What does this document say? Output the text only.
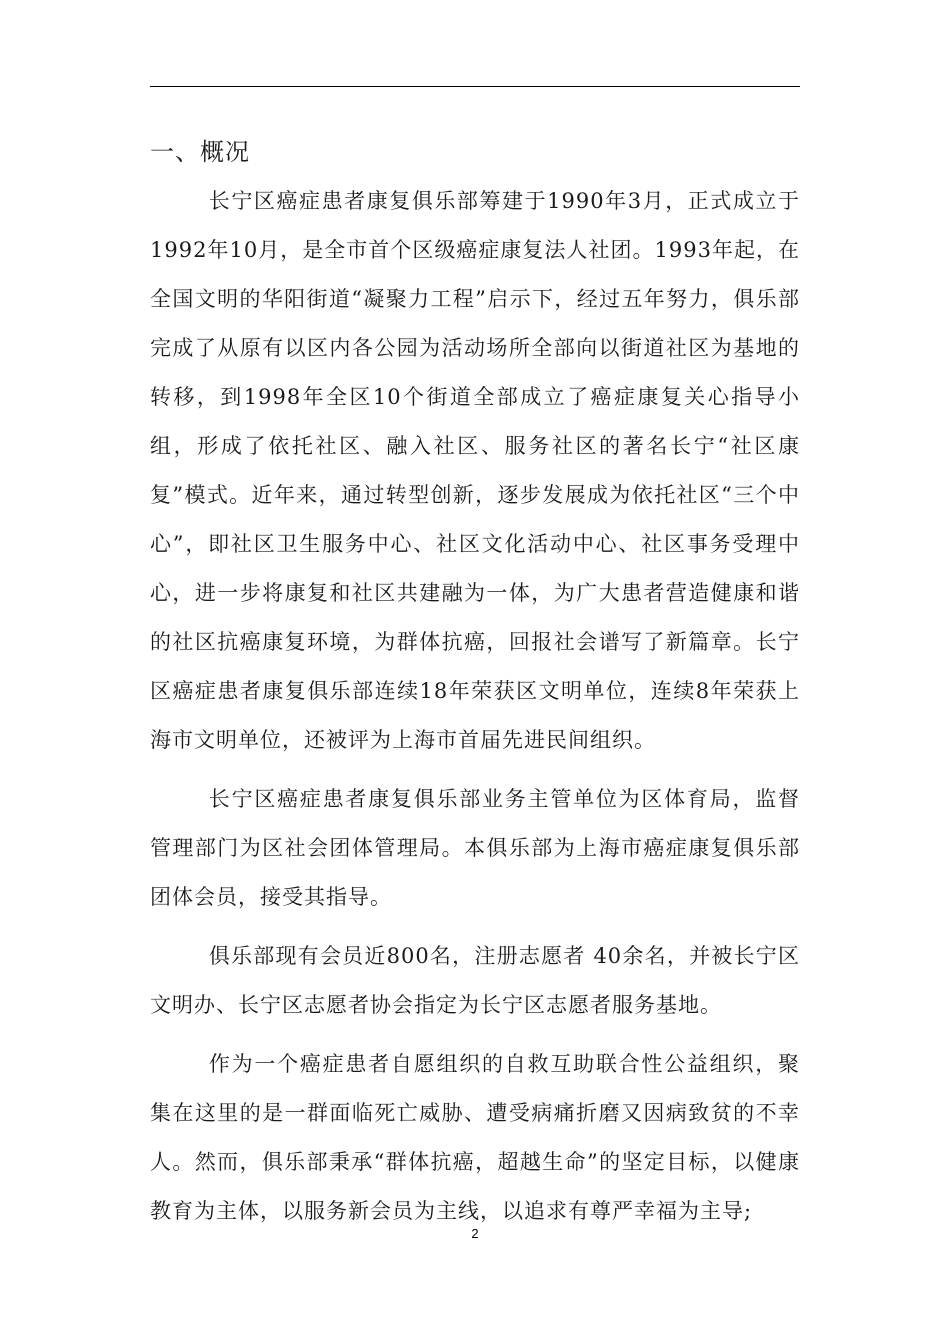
一、概况

长宁区癌症患者康复俱乐部筹建于1990年3月，正式成立于1992年10月，是全市首个区级癌症康复法人社团。1993年起，在全国文明的华阳街道“凝聚力工程”启示下，经过五年努力，俱乐部完成了从原有以区内各公园为活动场所全部向以街道社区为基地的转移，到1998年全区10个街道全部成立了癌症康复关心指导小组，形成了依托社区、融入社区、服务社区的著名长宁“社区康复”模式。近年来，通过转型创新，逐步发展成为依托社区“三个中心”，即社区卫生服务中心、社区文化活动中心、社区事务受理中心，进一步将康复和社区共建融为一体，为广大患者营造健康和谐的社区抗癌康复环境，为群体抗癌，回报社会谱写了新篇章。长宁区癌症患者康复俱乐部连续18年荣获区文明单位，连续8年荣获上海市文明单位，还被评为上海市首届先进民间组织。

长宁区癌症患者康复俱乐部业务主管单位为区体育局，监督管理部门为区社会团体管理局。本俱乐部为上海市癌症康复俱乐部团体会员，接受其指导。

俱乐部现有会员近800名，注册志愿者 40余名，并被长宁区文明办、长宁区志愿者协会指定为长宁区志愿者服务基地。

作为一个癌症患者自愿组织的自救互助联合性公益组织，聚集在这里的是一群面临死亡威胁、遭受病痛折磨又因病致贫的不幸人。然而，俱乐部秉承“群体抗癌，超越生命”的坚定目标，以健康教育为主体，以服务新会员为主线，以追求有尊严幸福为主导;

2
